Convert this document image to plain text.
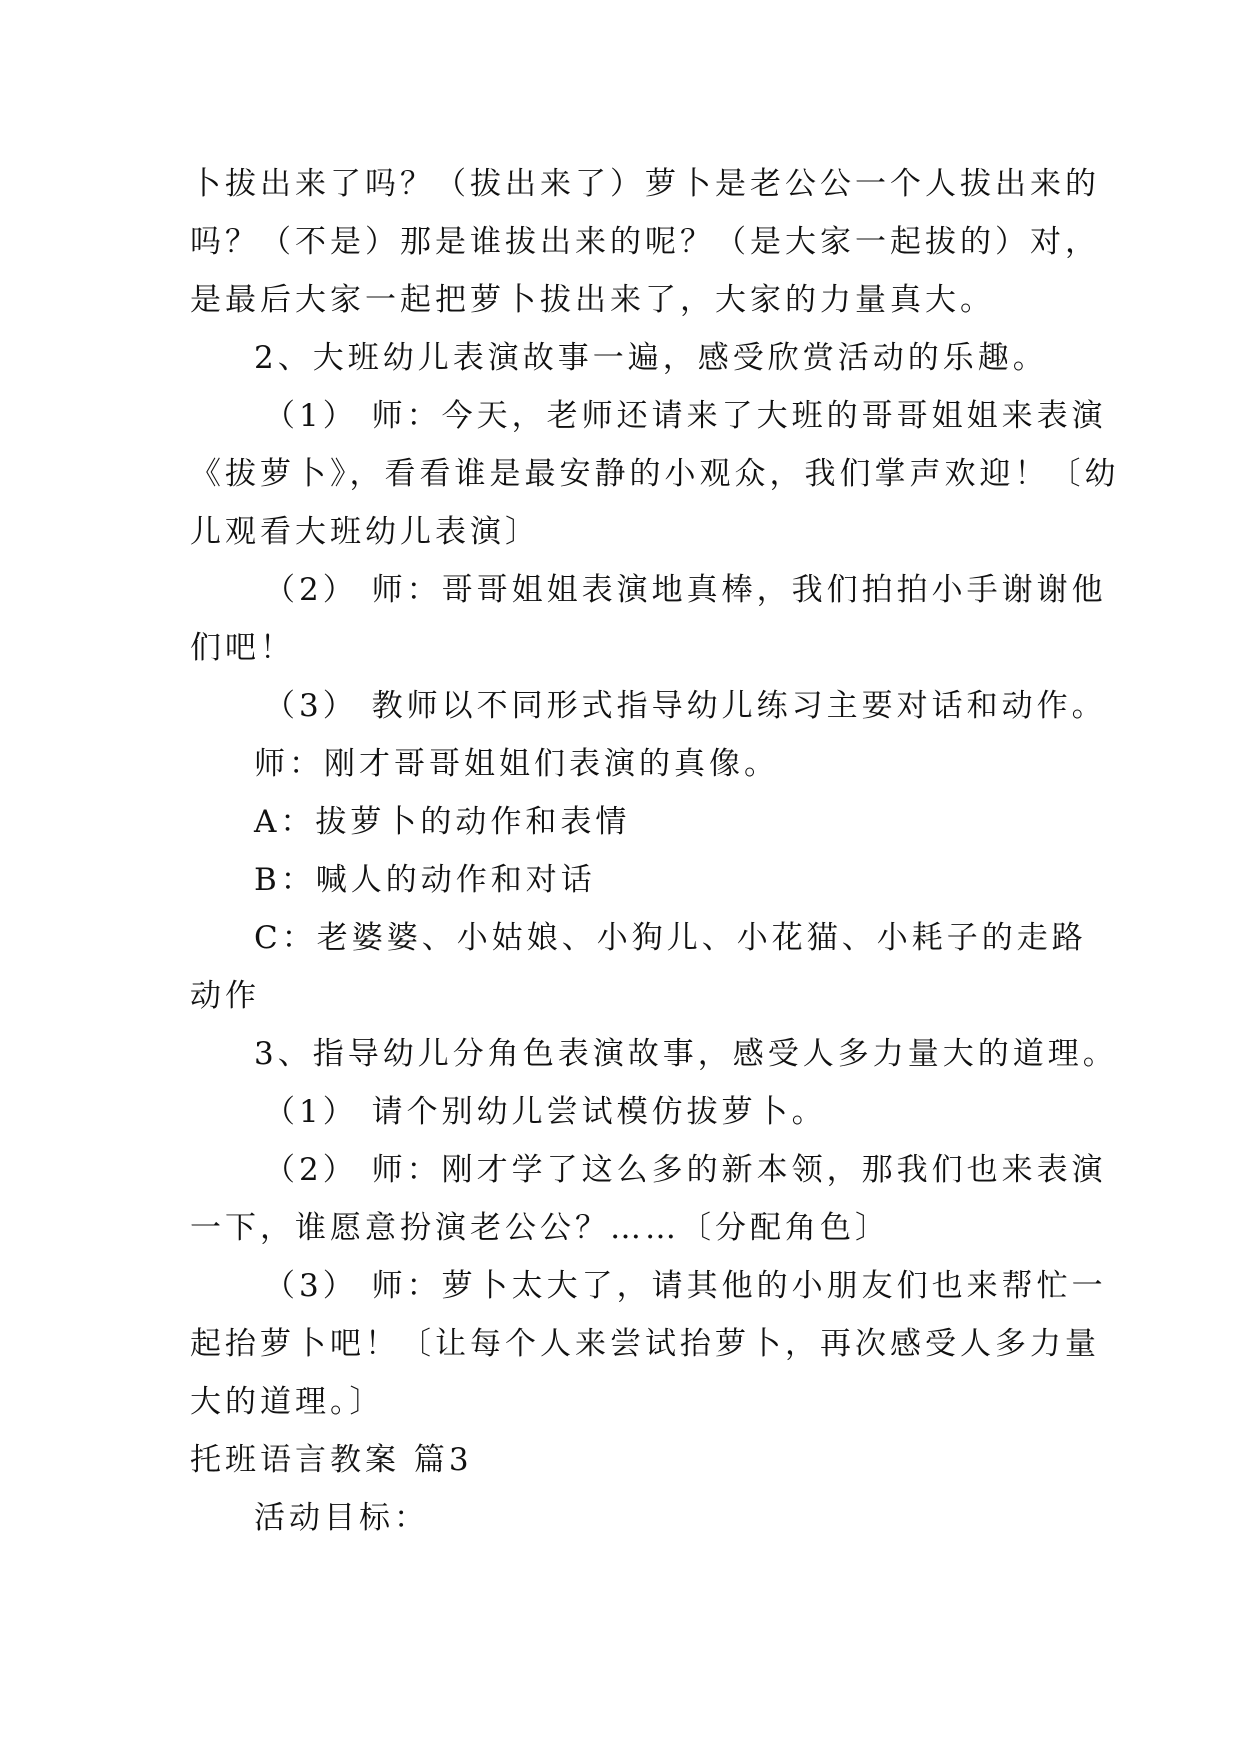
卜拔出来了吗？（拔出来了）萝卜是老公公一个人拔出来的
吗？（不是）那是谁拔出来的呢？（是大家一起拔的）对，
是最后大家一起把萝卜拔出来了，大家的力量真大。
2、大班幼儿表演故事一遍，感受欣赏活动的乐趣。
（1） 师：今天，老师还请来了大班的哥哥姐姐来表演
《拔萝卜》，看看谁是最安静的小观众，我们掌声欢迎！〔幼
儿观看大班幼儿表演〕
（2） 师：哥哥姐姐表演地真棒，我们拍拍小手谢谢他
们吧！
（3） 教师以不同形式指导幼儿练习主要对话和动作。
师：刚才哥哥姐姐们表演的真像。
A：拔萝卜的动作和表情
B：喊人的动作和对话
C：老婆婆、小姑娘、小狗儿、小花猫、小耗子的走路
动作
3、指导幼儿分角色表演故事，感受人多力量大的道理。
（1） 请个别幼儿尝试模仿拔萝卜。
（2） 师：刚才学了这么多的新本领，那我们也来表演
一下，谁愿意扮演老公公？……〔分配角色〕
（3） 师：萝卜太大了，请其他的小朋友们也来帮忙一
起抬萝卜吧！〔让每个人来尝试抬萝卜，再次感受人多力量
大的道理。〕
托班语言教案 篇3
活动目标：
